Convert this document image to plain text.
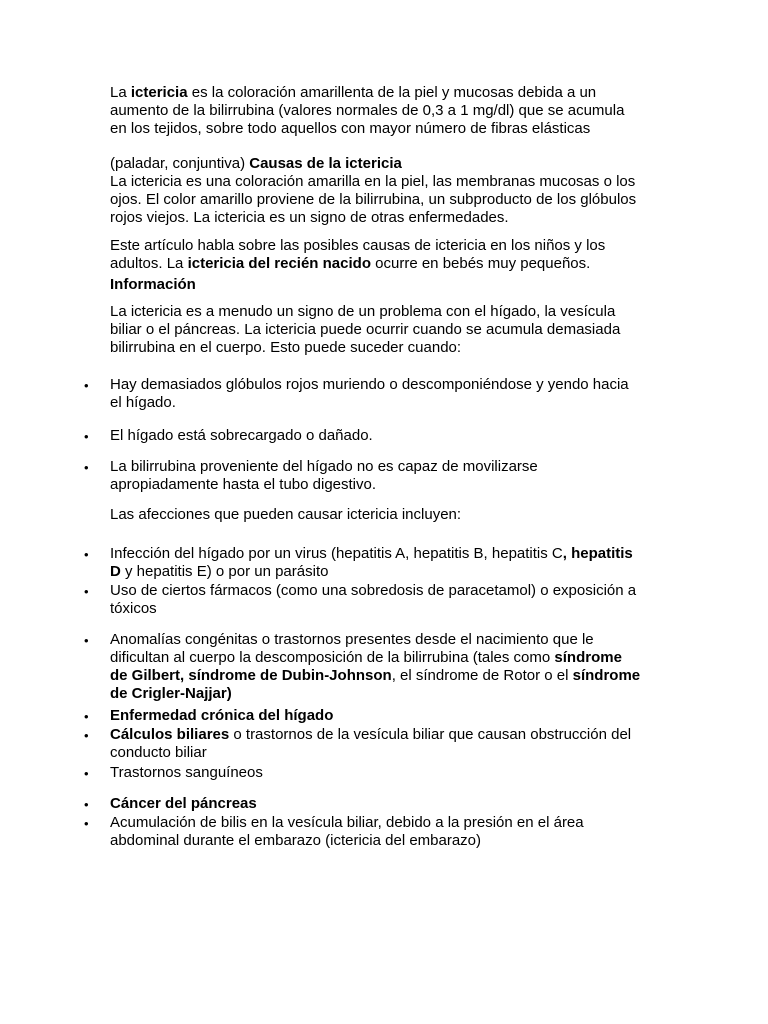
La ictericia es la coloración amarillenta de la piel y mucosas debida a un
aumento de la bilirrubina (valores normales de 0,3 a 1 mg/dl) que se acumula
en los tejidos, sobre todo aquellos con mayor número de fibras elásticas
(paladar, conjuntiva) Causas de la ictericia
La ictericia es una coloración amarilla en la piel, las membranas mucosas o los
ojos. El color amarillo proviene de la bilirrubina, un subproducto de los glóbulos
rojos viejos. La ictericia es un signo de otras enfermedades.
Este artículo habla sobre las posibles causas de ictericia en los niños y los
adultos. La ictericia del recién nacido ocurre en bebés muy pequeños.
Información
La ictericia es a menudo un signo de un problema con el hígado, la vesícula
biliar o el páncreas. La ictericia puede ocurrir cuando se acumula demasiada
bilirrubina en el cuerpo. Esto puede suceder cuando:
• Hay demasiados glóbulos rojos muriendo o descomponiéndose y yendo hacia
el hígado.
• El hígado está sobrecargado o dañado.
• La bilirrubina proveniente del hígado no es capaz de movilizarse
apropiadamente hasta el tubo digestivo.
Las afecciones que pueden causar ictericia incluyen:
• Infección del hígado por un virus (hepatitis A, hepatitis B, hepatitis C, hepatitis
D y hepatitis E) o por un parásito
• Uso de ciertos fármacos (como una sobredosis de paracetamol) o exposición a
tóxicos
• Anomalías congénitas o trastornos presentes desde el nacimiento que le
dificultan al cuerpo la descomposición de la bilirrubina (tales como síndrome
de Gilbert, síndrome de Dubin-Johnson, el síndrome de Rotor o el síndrome
de Crigler-Najjar)
• Enfermedad crónica del hígado
• Cálculos biliares o trastornos de la vesícula biliar que causan obstrucción del
conducto biliar
• Trastornos sanguíneos
• Cáncer del páncreas
• Acumulación de bilis en la vesícula biliar, debido a la presión en el área
abdominal durante el embarazo (ictericia del embarazo)
